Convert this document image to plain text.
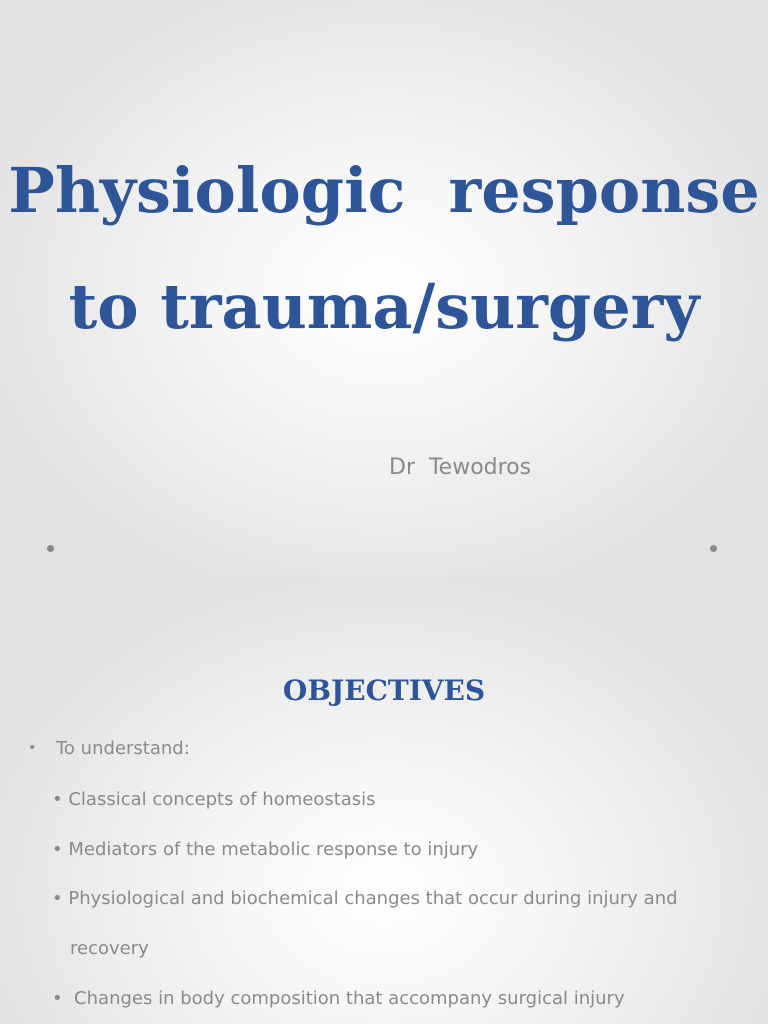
Physiologic  response
to trauma/surgery
Dr  Tewodros
OBJECTIVES
• To understand:
• Classical concepts of homeostasis
• Mediators of the metabolic response to injury
• Physiological and biochemical changes that occur during injury and
recovery
•  Changes in body composition that accompany surgical injury
